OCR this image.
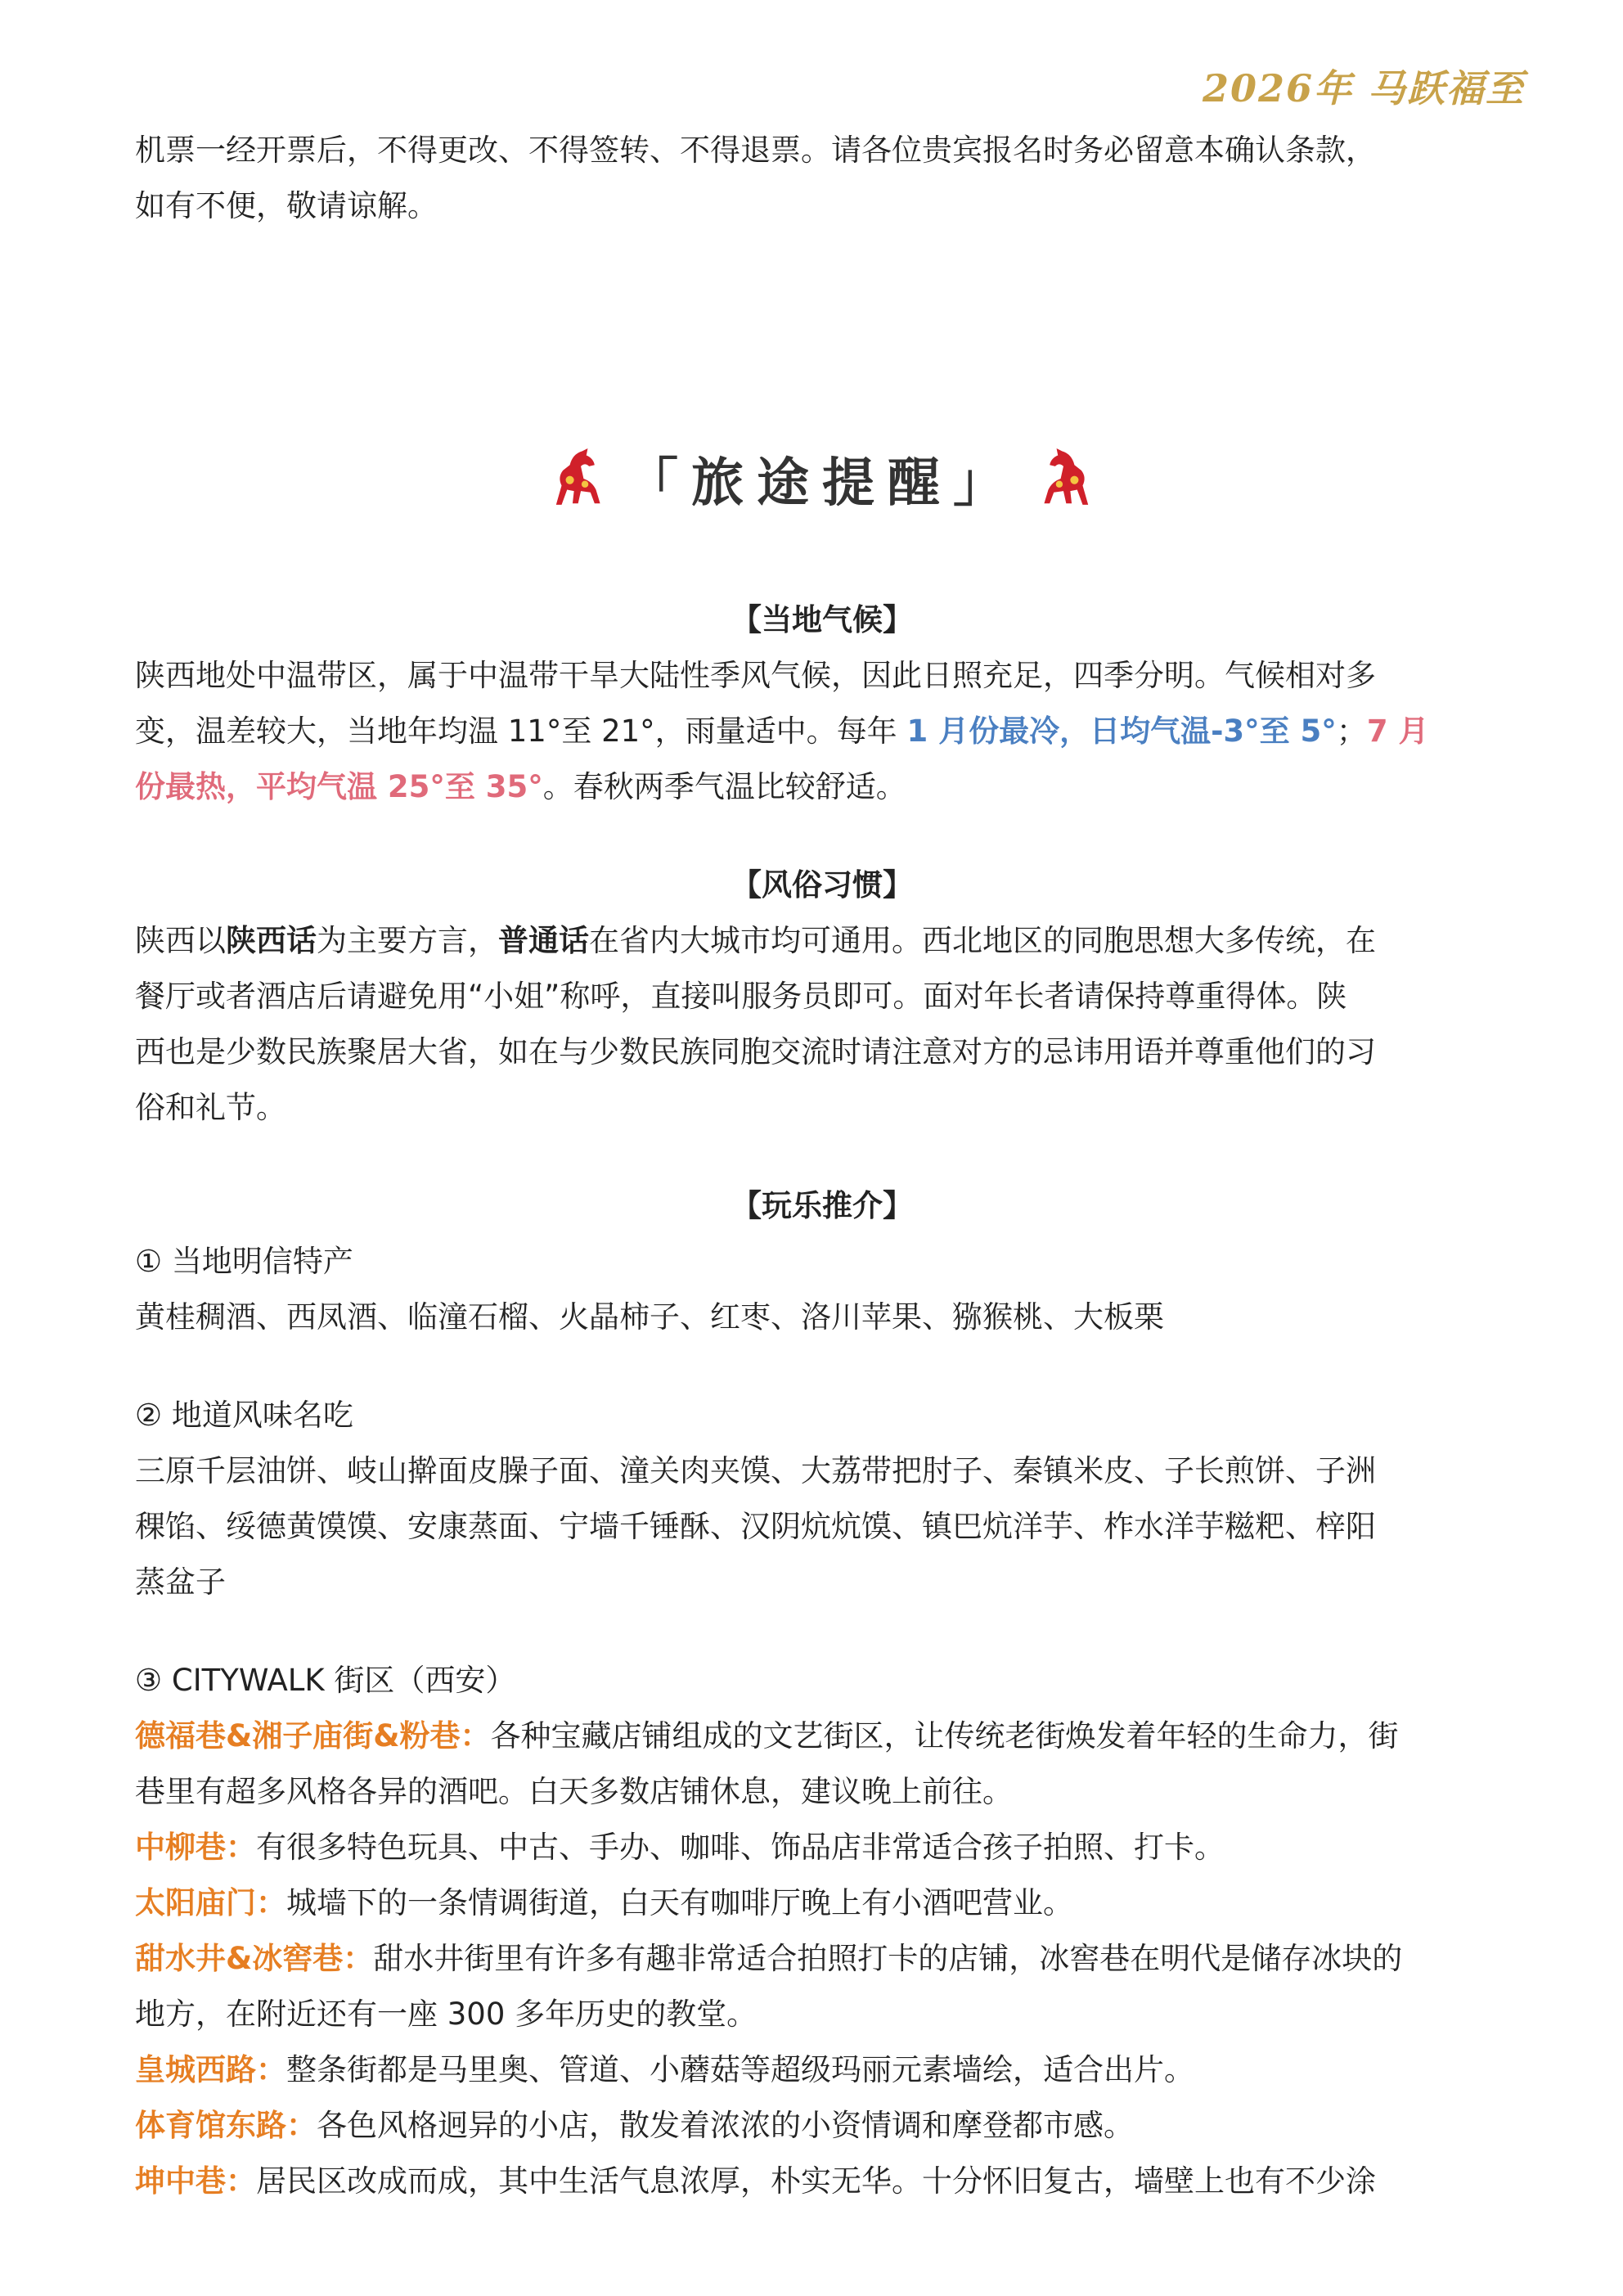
2026年 马跃福至

机票一经开票后，不得更改、不得签转、不得退票。请各位贵宾报名时务必留意本确认条款，

如有不便，敬请谅解。

「旅途提醒」
【当地气候】

陕西地处中温带区，属于中温带干旱大陆性季风气候，因此日照充足，四季分明。气候相对多

变，温差较大，当地年均温 11°至 21°，雨量适中。每年 1 月份最冷，日均气温-3°至 5°；7 月

份最热，平均气温 25°至 35°。春秋两季气温比较舒适。

【风俗习惯】

陕西以陕西话为主要方言，普通话在省内大城市均可通用。西北地区的同胞思想大多传统，在

餐厅或者酒店后请避免用“小姐”称呼，直接叫服务员即可。面对年长者请保持尊重得体。陕

西也是少数民族聚居大省，如在与少数民族同胞交流时请注意对方的忌讳用语并尊重他们的习

俗和礼节。

【玩乐推介】

① 当地明信特产

黄桂稠酒、西凤酒、临潼石榴、火晶柿子、红枣、洛川苹果、猕猴桃、大板栗

② 地道风味名吃

三原千层油饼、岐山擀面皮臊子面、潼关肉夹馍、大荔带把肘子、秦镇米皮、子长煎饼、子洲

稞馅、绥德黄馍馍、安康蒸面、宁墙千锤酥、汉阴炕炕馍、镇巴炕洋芋、柞水洋芋糍粑、梓阳

蒸盆子

③ CITYWALK 街区（西安）

德福巷&湘子庙街&粉巷：各种宝藏店铺组成的文艺街区，让传统老街焕发着年轻的生命力，街

巷里有超多风格各异的酒吧。白天多数店铺休息，建议晚上前往。

中柳巷：有很多特色玩具、中古、手办、咖啡、饰品店非常适合孩子拍照、打卡。

太阳庙门：城墙下的一条情调街道，白天有咖啡厅晚上有小酒吧营业。

甜水井&冰窖巷：甜水井街里有许多有趣非常适合拍照打卡的店铺，冰窖巷在明代是储存冰块的

地方，在附近还有一座 300 多年历史的教堂。

皇城西路：整条街都是马里奥、管道、小蘑菇等超级玛丽元素墙绘，适合出片。

体育馆东路：各色风格迥异的小店，散发着浓浓的小资情调和摩登都市感。

坤中巷：居民区改成而成，其中生活气息浓厚，朴实无华。十分怀旧复古，墙壁上也有不少涂
